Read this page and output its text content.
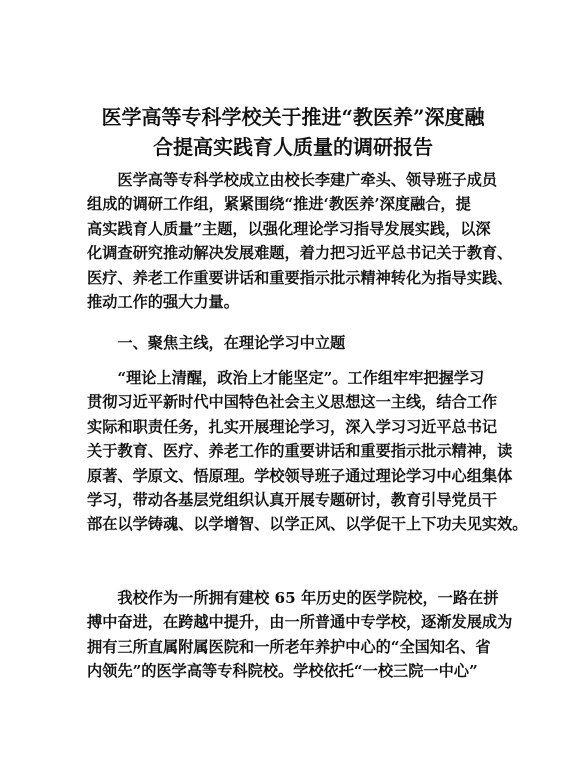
医学高等专科学校关于推进“教医养”深度融
合提高实践育人质量的调研报告

　　医学高等专科学校成立由校长李建广牵头、领导班子成员
组成的调研工作组，紧紧围绕“推进‘教医养’深度融合，提
高实践育人质量”主题，以强化理论学习指导发展实践，以深
化调查研究推动解决发展难题，着力把习近平总书记关于教育、
医疗、养老工作重要讲话和重要指示批示精神转化为指导实践、
推动工作的强大力量。

　　一、聚焦主线，在理论学习中立题

　　“理论上清醒，政治上才能坚定”。工作组牢牢把握学习
贯彻习近平新时代中国特色社会主义思想这一主线，结合工作
实际和职责任务，扎实开展理论学习，深入学习习近平总书记
关于教育、医疗、养老工作的重要讲话和重要指示批示精神，读
原著、学原文、悟原理。学校领导班子通过理论学习中心组集体
学习，带动各基层党组织认真开展专题研讨，教育引导党员干
部在以学铸魂、以学增智、以学正风、以学促干上下功夫见实效。

　　我校作为一所拥有建校 65 年历史的医学院校，一路在拼
搏中奋进，在跨越中提升，由一所普通中专学校，逐渐发展成为
拥有三所直属附属医院和一所老年养护中心的“全国知名、省
内领先”的医学高等专科院校。学校依托“一校三院一中心”
